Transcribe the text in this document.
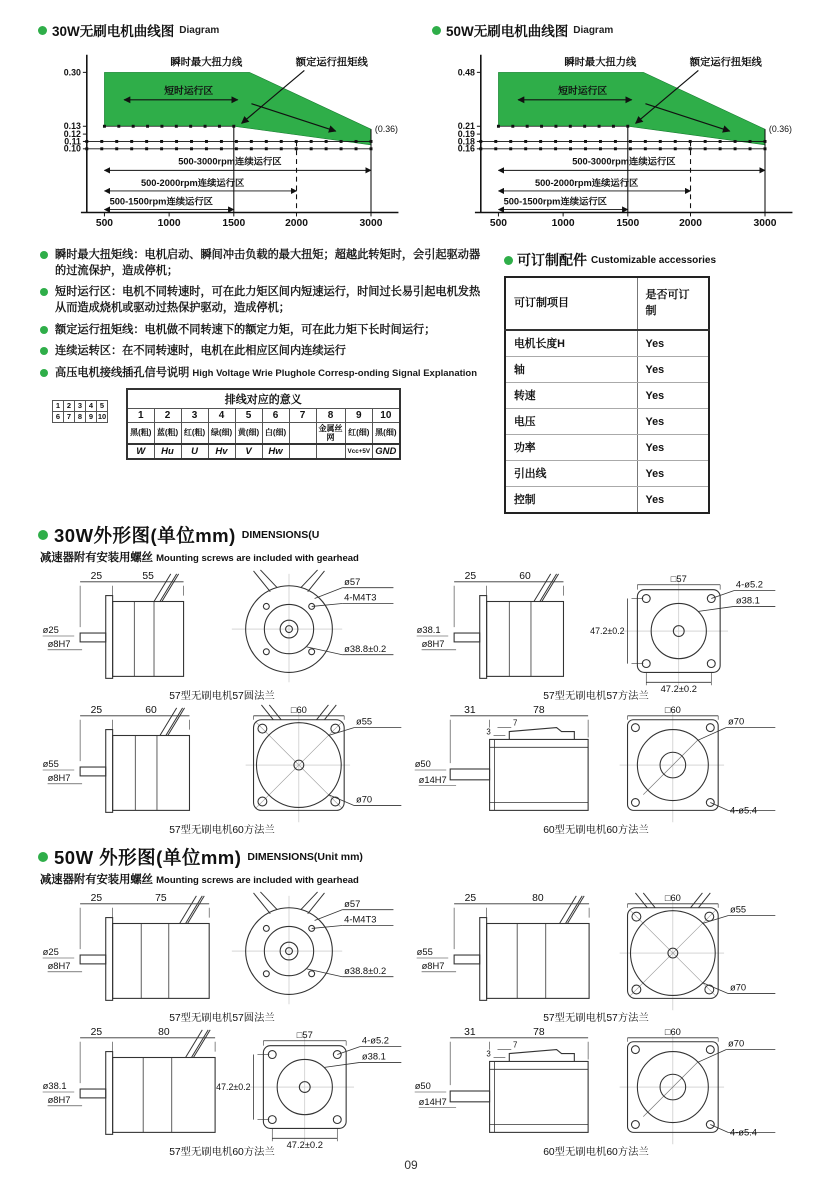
30W无刷电机曲线图 Diagram
500	1000	1500	2000	3000
0.30
0.13
0.12
0.11
0.10
瞬时最大扭力线	额定运行扭矩线
短时运行区
(0.36)
500-3000rpm连续运行区
500-2000rpm连续运行区
500-1500rpm连续运行区
50W无刷电机曲线图 Diagram
500	1000	1500	2000	3000
0.48
0.21
0.19
0.18
0.16
瞬时最大扭力线	额定运行扭矩线
短时运行区
(0.36)
500-3000rpm连续运行区
500-2000rpm连续运行区
500-1500rpm连续运行区
瞬时最大扭矩线：电机启动、瞬间冲击负载的最大扭矩；超越此转矩时，会引起驱动器的过流保护，造成停机；
短时运行区：电机不同转速时，可在此力矩区间内短速运行，时间过长易引起电机发热从而造成烧机或驱动过热保护驱动，造成停机；
额定运行扭矩线：电机做不同转速下的额定力矩，可在此力矩下长时间运行；
连续运转区：在不同转速时，电机在此相应区间内连续运行
高压电机接线插孔信号说明 High Voltage Wrie Plughole Corresp-onding Signal Explanation
1	2	3	4	5
6	7	8	9	10
排线对应的意义									
1	2	3	4	5	6	7	8	9	10
黑(粗)	蓝(粗)	红(粗)	绿(细)	黄(细)	白(细)		金属丝网	红(细)	黑(细)
W	Hu	U	Hv	V	Hw			Vcc+5V	GND
可订制配件 Customizable accessories
可订制项目	是否可订制
电机长度H	Yes
轴	Yes
转速	Yes
电压	Yes
功率	Yes
引出线	Yes
控制	Yes
30W外形图(单位mm) DIMENSIONS(U
减速器附有安装用螺丝 Mounting screws are included with gearhead
25	55
ø25
ø8H7
ø57
4-M4T3
ø38.8±0.2
57型无刷电机57圆法兰
25	60
ø38.1
ø8H7
□57
4-ø5.2
ø38.1
47.2±0.2
47.2±0.2
57型无刷电机57方法兰
25	60
ø55
ø8H7
□60
ø55
ø70
57型无刷电机60方法兰
31	78
7
3
ø50
ø14H7
□60
ø70
4-ø5.4
60型无刷电机60方法兰
50W 外形图(单位mm) DIMENSIONS(Unit mm)
减速器附有安装用螺丝 Mounting screws are included with gearhead
25	75
ø25
ø8H7
ø57
4-M4T3
ø38.8±0.2
57型无刷电机57圆法兰
25	80
ø55
ø8H7
□60
ø55
ø70
57型无刷电机57方法兰
25	80
ø38.1
ø8H7
□57
4-ø5.2
ø38.1
47.2±0.2
47.2±0.2
57型无刷电机60方法兰
31	78
7
3
ø50
ø14H7
□60
ø70
4-ø5.4
60型无刷电机60方法兰
09
